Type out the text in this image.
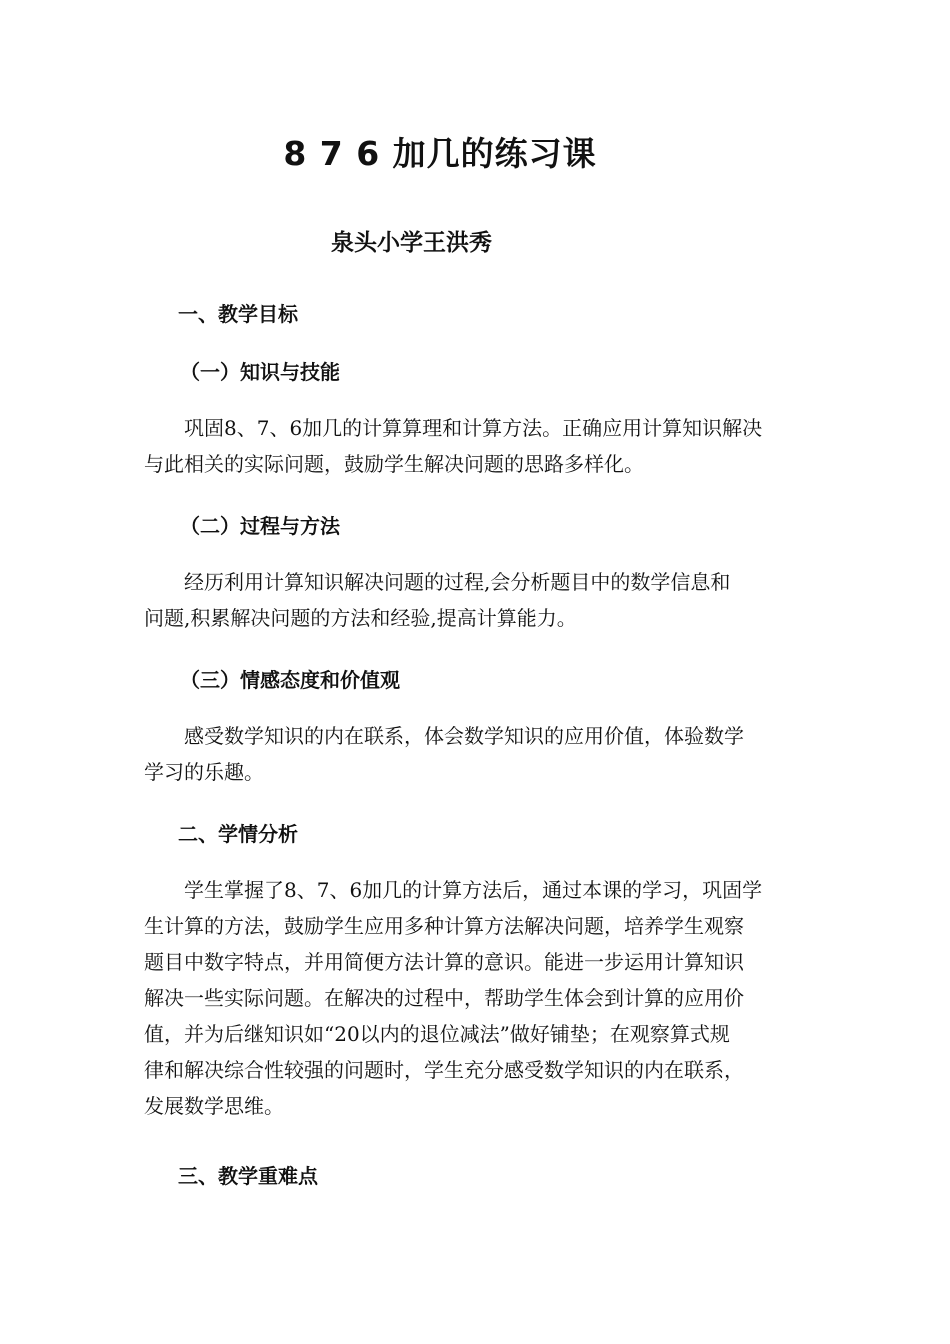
8 7 6 加几的练习课
泉头小学王洪秀
一、教学目标
（一）知识与技能

　　巩固8、7、6加几的计算算理和计算方法。正确应用计算知识解决

与此相关的实际问题，鼓励学生解决问题的思路多样化。

（二）过程与方法

　　经历利用计算知识解决问题的过程,会分析题目中的数学信息和

问题,积累解决问题的方法和经验,提高计算能力。

（三）情感态度和价值观

　　感受数学知识的内在联系，体会数学知识的应用价值，体验数学

学习的乐趣。

二、学情分析

　　学生掌握了8、7、6加几的计算方法后，通过本课的学习，巩固学

生计算的方法，鼓励学生应用多种计算方法解决问题，培养学生观察

题目中数字特点，并用简便方法计算的意识。能进一步运用计算知识

解决一些实际问题。在解决的过程中，帮助学生体会到计算的应用价

值，并为后继知识如“20以内的退位减法”做好铺垫；在观察算式规

律和解决综合性较强的问题时，学生充分感受数学知识的内在联系，

发展数学思维。

三、教学重难点
